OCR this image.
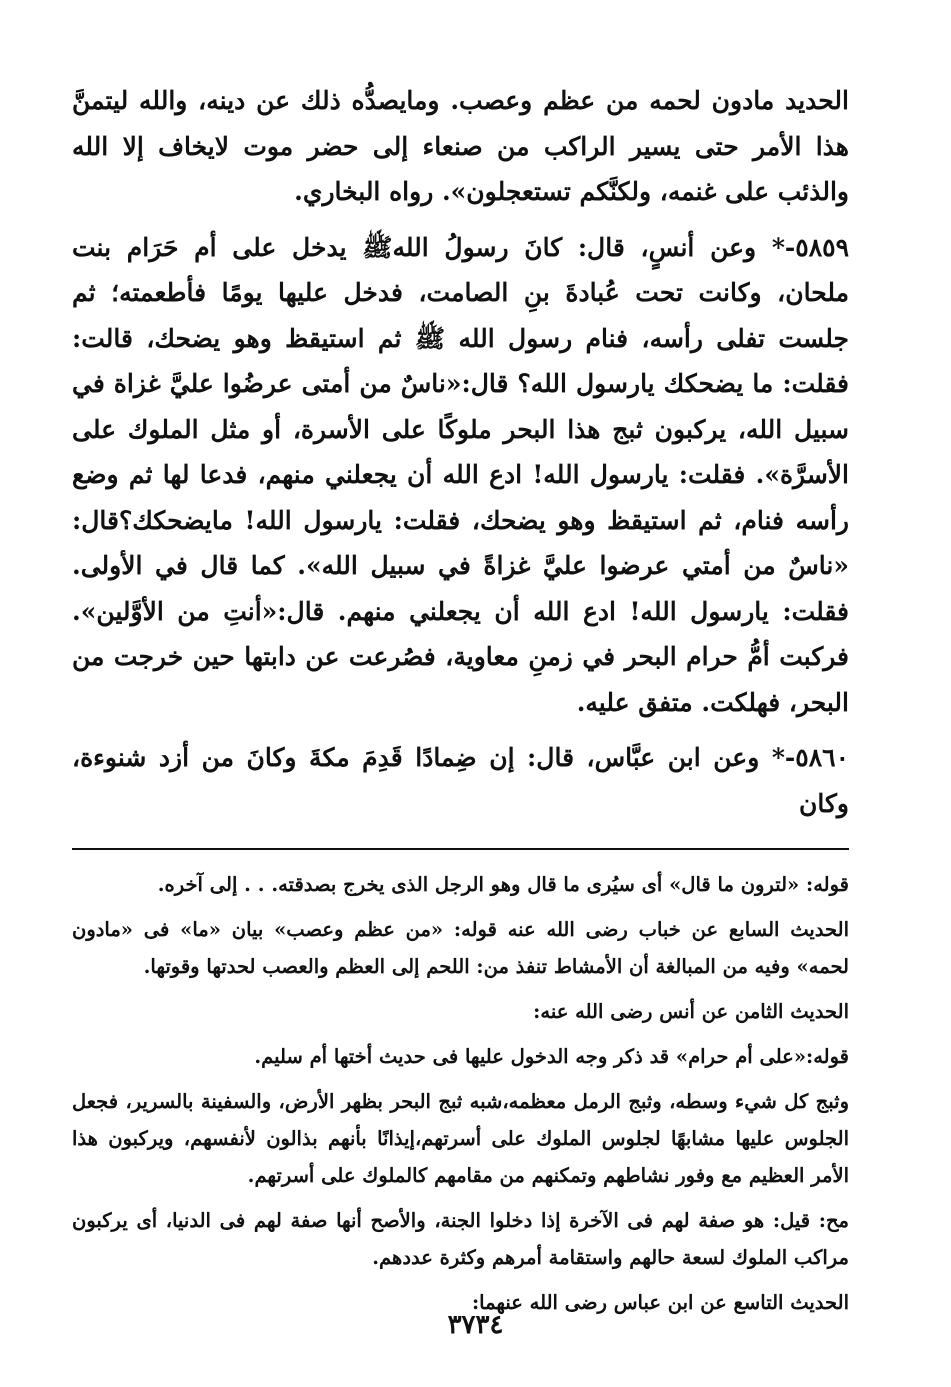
الحديد مادون لحمه من عظم وعصب. ومايصدُّه ذلك عن دينه، والله ليتمنَّ هذا الأمر حتى يسير الراكب من صنعاء إلى حضر موت لايخاف إلا الله والذئب على غنمه، ولكنَّكم تستعجلون». رواه البخاري.

٥٨٥٩-* وعن أنسٍ، قال: كانَ رسولُ اللهﷺ يدخل على أم حَرَام بنت ملحان، وكانت تحت عُبادةَ بنِ الصامت، فدخل عليها يومًا فأطعمته؛ ثم جلست تفلى رأسه، فنام رسول الله ﷺ ثم استيقظ وهو يضحك، قالت: فقلت: ما يضحكك يارسول الله؟ قال:«ناسٌ من أمتى عرضُوا عليَّ غزاة في سبيل الله، يركبون ثبج هذا البحر ملوكًا على الأسرة، أو مثل الملوك على الأسرَّة». فقلت: يارسول الله! ادع الله أن يجعلني منهم، فدعا لها ثم وضع رأسه فنام، ثم استيقظ وهو يضحك، فقلت: يارسول الله! مايضحكك؟قال: «ناسٌ من أمتي عرضوا عليَّ غزاةً في سبيل الله». كما قال في الأولى. فقلت: يارسول الله! ادع الله أن يجعلني منهم. قال:«أنتِ من الأوَّلين». فركبت أمُّ حرام البحر في زمنِ معاوية، فصُرعت عن دابتها حين خرجت من البحر، فهلكت. متفق عليه.

٥٨٦٠-* وعن ابن عبَّاس، قال: إن ضِمادًا قَدِمَ مكةَ وكانَ من أزد شنوءة، وكان

قوله: «لترون ما قال» أى سيُرى ما قال وهو الرجل الذى يخرج بصدقته. . . إلى آخره.

الحديث السابع عن خباب رضى الله عنه قوله: «من عظم وعصب» بيان «ما» فى «مادون لحمه» وفيه من المبالغة أن الأمشاط تنفذ من: اللحم إلى العظم والعصب لحدتها وقوتها.

الحديث الثامن عن أنس رضى الله عنه:

قوله:«على أم حرام» قد ذكر وجه الدخول عليها فى حديث أختها أم سليم.

وثبج كل شيء وسطه، وثبج الرمل معظمه،شبه ثبج البحر بظهر الأرض، والسفينة بالسرير، فجعل الجلوس عليها مشابهًا لجلوس الملوك على أسرتهم،إيذانًا بأنهم بذالون لأنفسهم، ويركبون هذا الأمر العظيم مع وفور نشاطهم وتمكنهم من مقامهم كالملوك على أسرتهم.

مح: قيل: هو صفة لهم فى الآخرة إذا دخلوا الجنة، والأصح أنها صفة لهم فى الدنيا، أى يركبون مراكب الملوك لسعة حالهم واستقامة أمرهم وكثرة عددهم.

الحديث التاسع عن ابن عباس رضى الله عنهما:

٣٧٣٤
